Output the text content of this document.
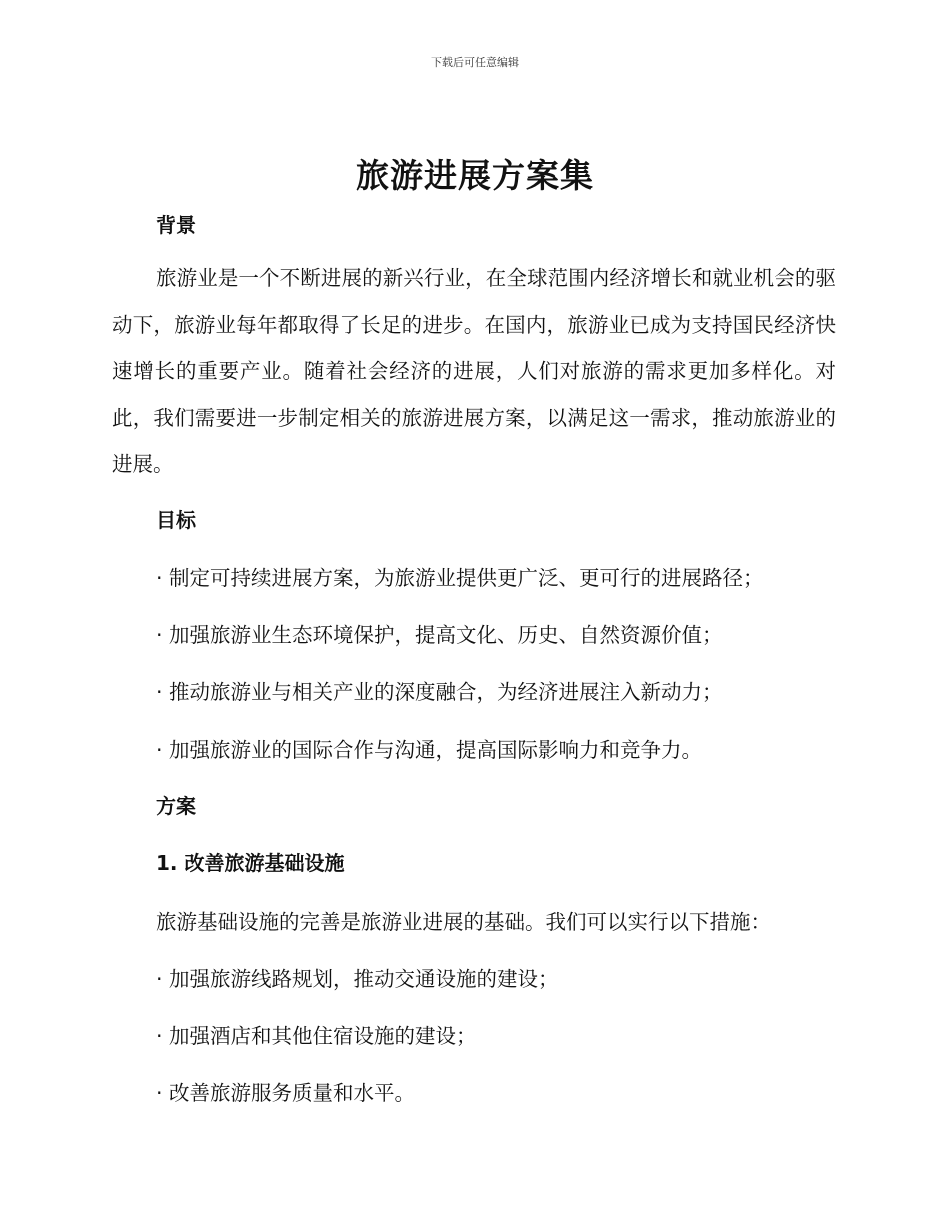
下载后可任意编辑
旅游进展方案集
背景
旅游业是一个不断进展的新兴行业，在全球范围内经济增长和就业机会的驱动下，旅游业每年都取得了长足的进步。在国内，旅游业已成为支持国民经济快速增长的重要产业。随着社会经济的进展，人们对旅游的需求更加多样化。对此，我们需要进一步制定相关的旅游进展方案，以满足这一需求，推动旅游业的进展。
目标
· 制定可持续进展方案，为旅游业提供更广泛、更可行的进展路径；
· 加强旅游业生态环境保护，提高文化、历史、自然资源价值；
· 推动旅游业与相关产业的深度融合，为经济进展注入新动力；
· 加强旅游业的国际合作与沟通，提高国际影响力和竞争力。
方案
1. 改善旅游基础设施
旅游基础设施的完善是旅游业进展的基础。我们可以实行以下措施：
· 加强旅游线路规划，推动交通设施的建设；
· 加强酒店和其他住宿设施的建设；
· 改善旅游服务质量和水平。
